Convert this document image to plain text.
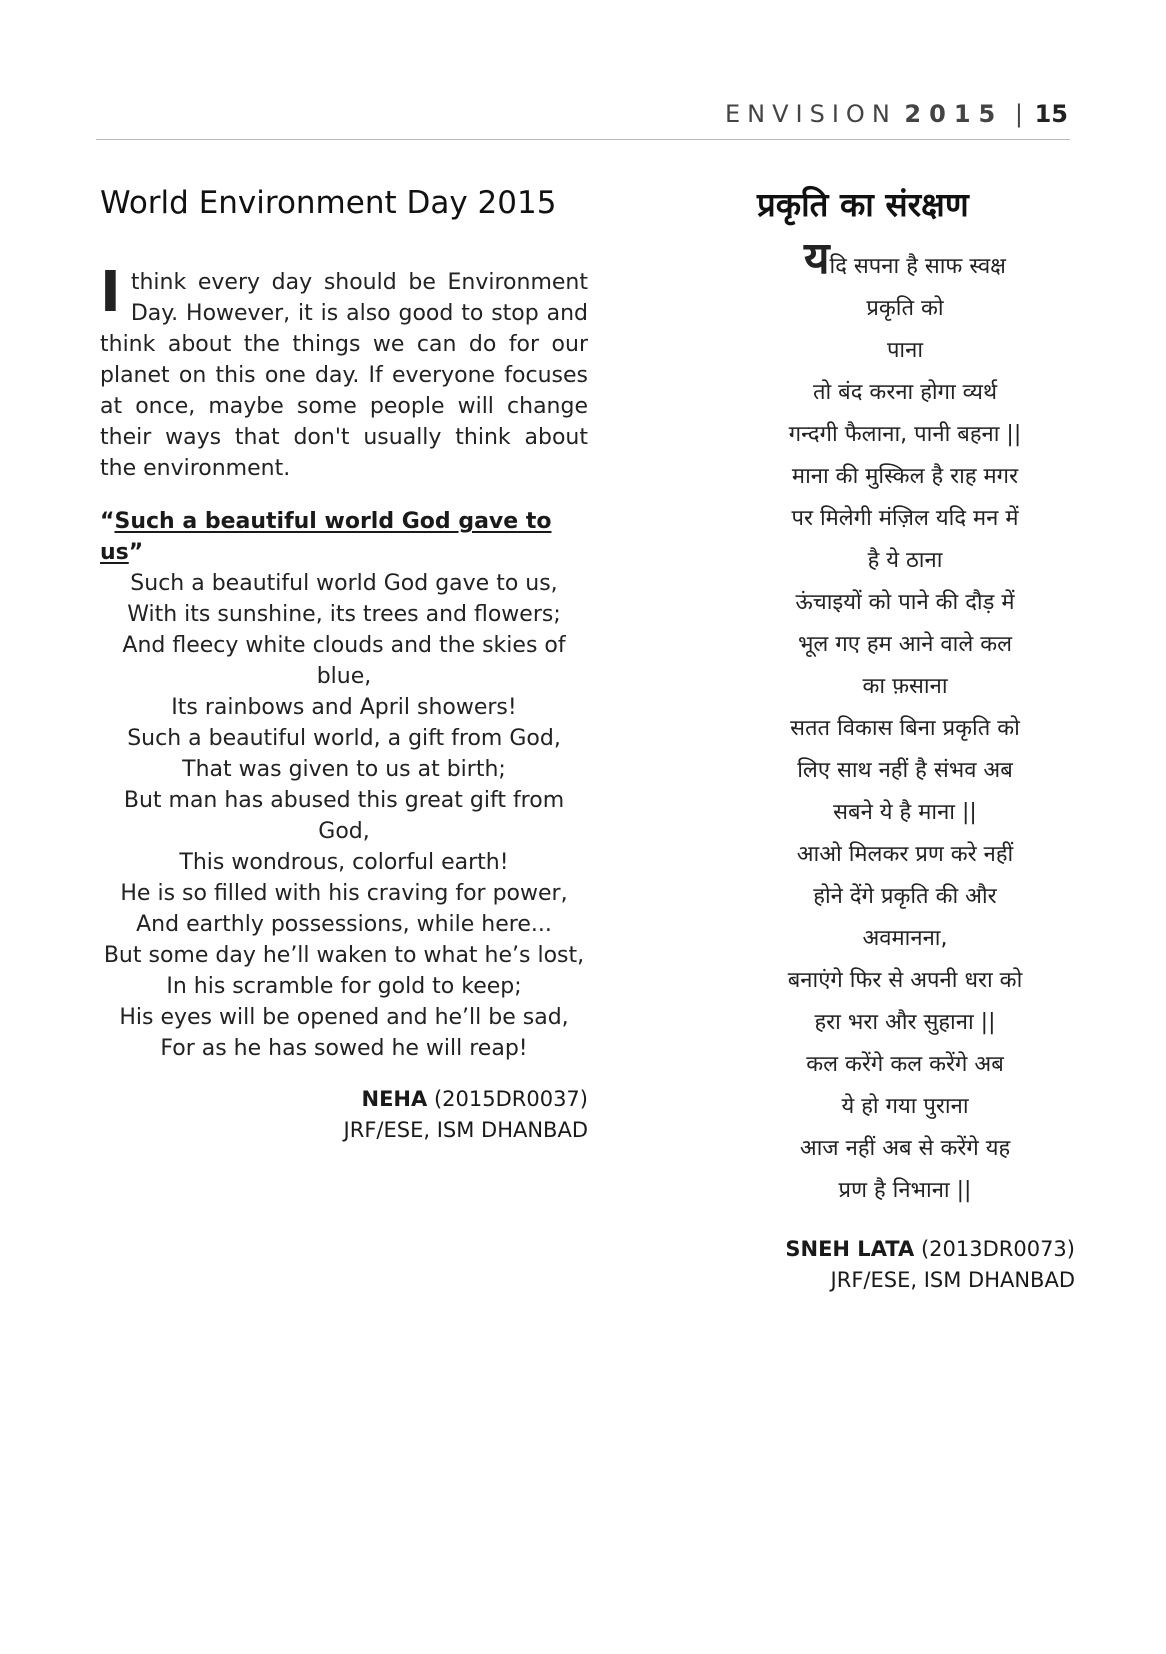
ENVISION 2015 | 15
World Environment Day 2015
I think every day should be Environment Day. However, it is also good to stop and think about the things we can do for our planet on this one day. If everyone focuses at once, maybe some people will change their ways that don't usually think about the environment.
“Such a beautiful world God gave to us”
Such a beautiful world God gave to us,
With its sunshine, its trees and flowers;
And fleecy white clouds and the skies of blue,
Its rainbows and April showers!
Such a beautiful world, a gift from God,
That was given to us at birth;
But man has abused this great gift from God,
This wondrous, colorful earth!
He is so filled with his craving for power,
And earthly possessions, while here...
But some day he’ll waken to what he’s lost,
In his scramble for gold to keep;
His eyes will be opened and he’ll be sad,
For as he has sowed he will reap!
NEHA (2015DR0037)
JRF/ESE, ISM DHANBAD
प्रकृति का संरक्षण
यदि सपना है साफ स्वक्ष
प्रकृति को
पाना
तो बंद करना होगा व्यर्थ
गन्दगी फैलाना, पानी बहना ||
माना की मुस्किल है राह मगर
पर मिलेगी मंज़िल यदि मन में
है ये ठाना
ऊंचाइयों को पाने की दौड़ में
भूल गए हम आने वाले कल
का फ़साना
सतत विकास बिना प्रकृति को
लिए साथ नहीं है संभव अब
सबने ये है माना ||
आओ मिलकर प्रण करे नहीं
होने देंगे प्रकृति की और
अवमानना,
बनाएंगे फिर से अपनी धरा को
हरा भरा और सुहाना ||
कल करेंगे कल करेंगे अब
ये हो गया पुराना
आज नहीं अब से करेंगे यह
प्रण है निभाना ||
SNEH LATA (2013DR0073)
JRF/ESE, ISM DHANBAD
